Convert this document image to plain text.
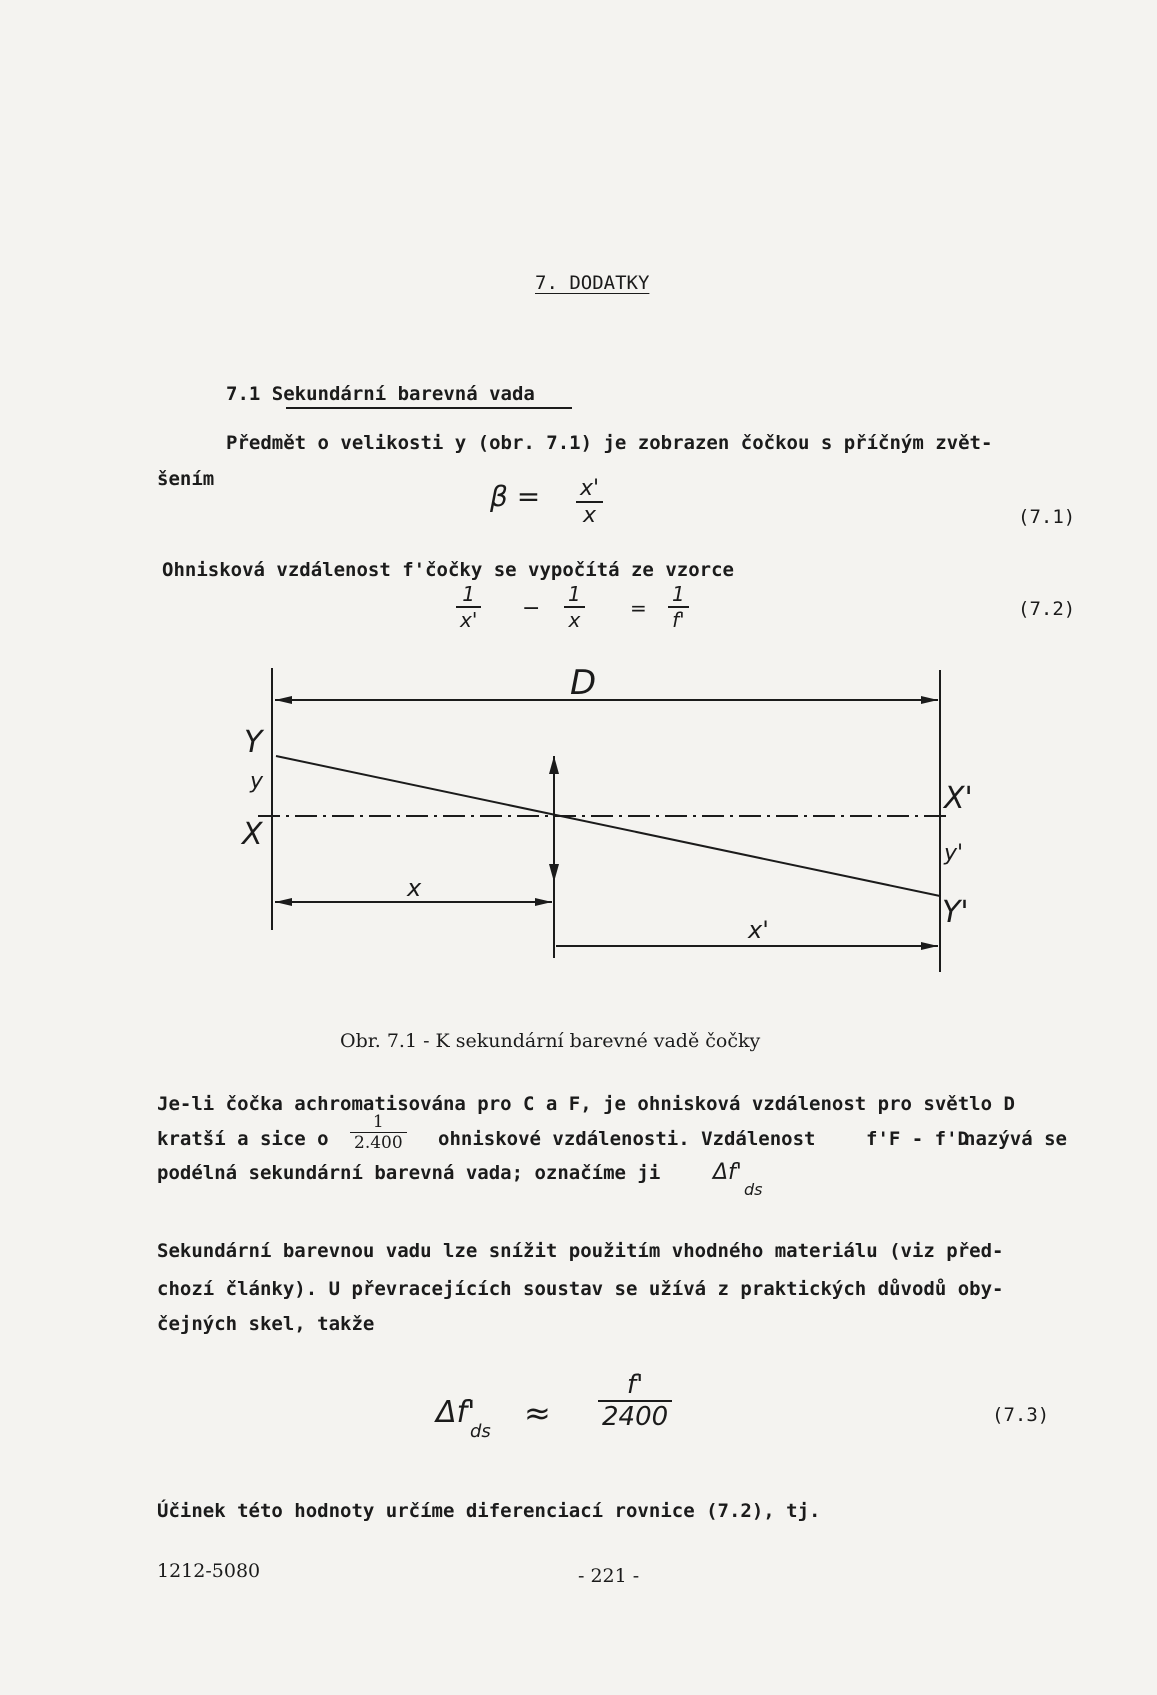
7. DODATKY
7.1 Sekundární barevná vada
Předmět o velikosti y (obr. 7.1) je zobrazen čočkou s příčným zvět-
šením
$\beta = \frac{x'}{x}$	(7.1)
Ohnisková vzdálenost f'čočky se vypočítá ze vzorce
$\frac{1}{x'} - \frac{1}{x} = \frac{1}{f'}$	(7.2)
D
Y
y
X
x
X'
y'
Y'
x'
Obr. 7.1 - K sekundární barevné vadě čočky
Je-li čočka achromatisována pro C a F, je ohnisková vzdálenost pro světlo D
kratší a sice o $\frac{1}{2.400}$ ohniskové vzdálenosti. Vzdálenost	f'F - f'D
nazývá se
podélná sekundární barevná vada; označíme ji Δf'
ds
Sekundární barevnou vadu lze snížit použitím vhodného materiálu (viz před-
chozí články). U převracejících soustav se užívá z praktických důvodů oby-
čejných skel, takže
Δf'
ds ≈ $\frac{f'}{2400}$	(7.3)
Účinek této hodnoty určíme diferenciací rovnice (7.2), tj.
1212-5080	- 221 -
